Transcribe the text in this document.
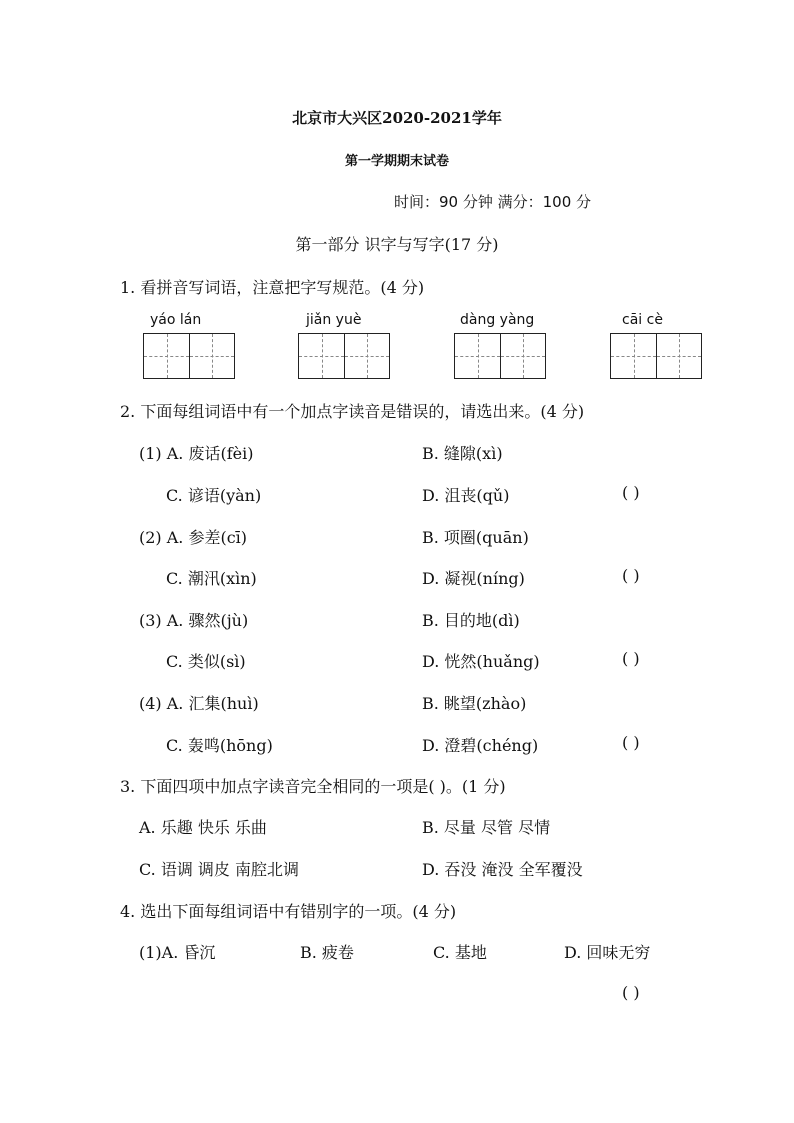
北京市大兴区2020-2021学年
第一学期期末试卷
时间：90 分钟 满分：100 分
第一部分 识字与写字(17 分)
1. 看拼音写词语，注意把字写规范。(4 分)
yáo lán	jiǎn yuè	dàng yàng	cāi cè
2. 下面每组词语中有一个加点字读音是错误的，请选出来。(4 分)
(1) A. 废话(fèi)	B. 缝隙(xì)
C. 谚语(yàn)	D. 沮丧(qǔ)	( )
(2) A. 参差(cī)	B. 项圈(quān)
C. 潮汛(xìn)	D. 凝视(níng)	( )
(3) A. 骤然(jù)	B. 目的地(dì)
C. 类似(sì)	D. 恍然(huǎng)	( )
(4) A. 汇集(huì)	B. 眺望(zhào)
C. 轰鸣(hōng)	D. 澄碧(chéng)	( )
3. 下面四项中加点字读音完全相同的一项是( )。(1 分)
A. 乐趣 快乐 乐曲	B. 尽量 尽管 尽情
C. 语调 调皮 南腔北调	D. 吞没 淹没 全军覆没
4. 选出下面每组词语中有错别字的一项。(4 分)
(1)A. 昏沉	B. 疲卷	C. 基地	D. 回味无穷
( )
